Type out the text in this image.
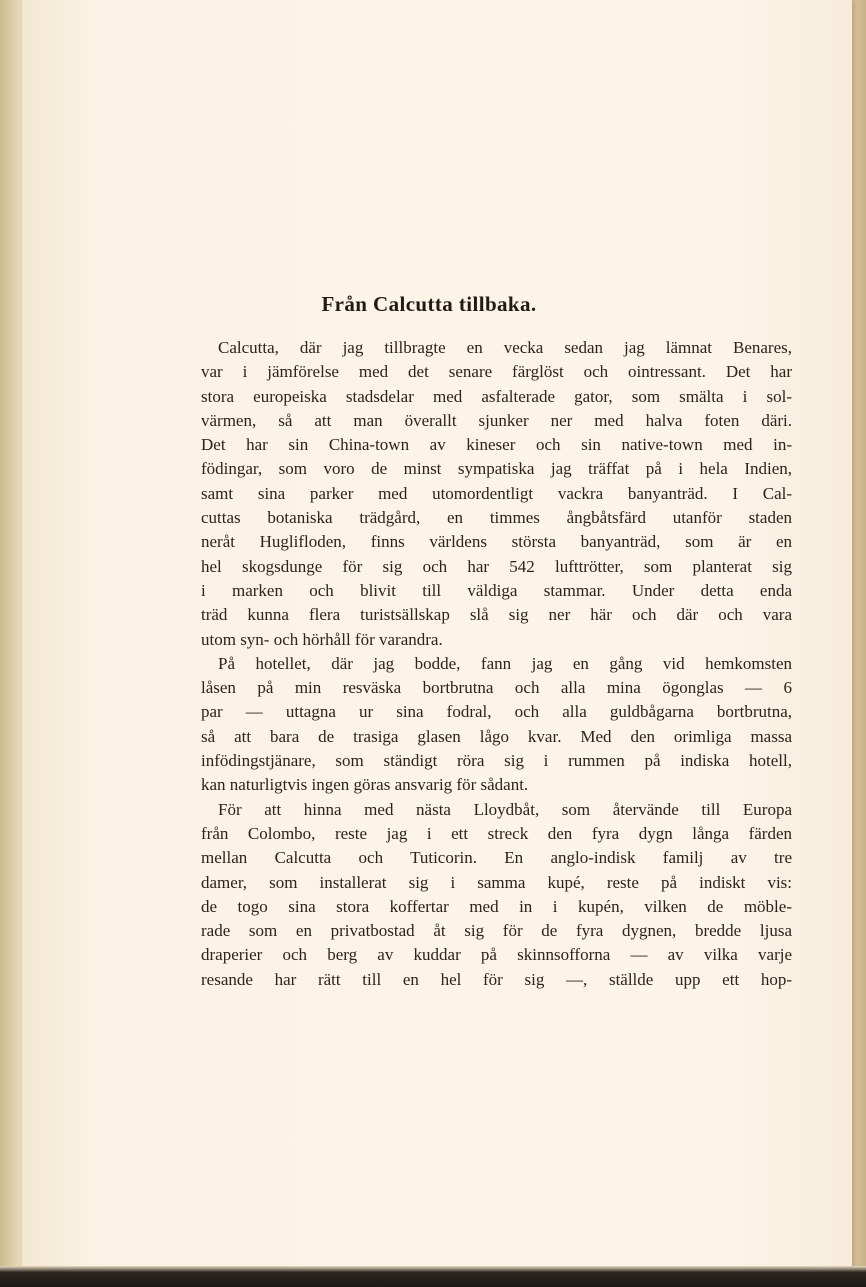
Från Calcutta tillbaka.
Calcutta, där jag tillbragte en vecka sedan jag lämnat Benares,
var i jämförelse med det senare färglöst och ointressant. Det har
stora europeiska stadsdelar med asfalterade gator, som smälta i sol-
värmen, så att man överallt sjunker ner med halva foten däri.
Det har sin China-town av kineser och sin native-town med in-
födingar, som voro de minst sympatiska jag träffat på i hela Indien,
samt sina parker med utomordentligt vackra banyanträd. I Cal-
cuttas botaniska trädgård, en timmes ångbåtsfärd utanför staden
neråt Huglifloden, finns världens största banyanträd, som är en
hel skogsdunge för sig och har 542 lufttrötter, som planterat sig
i marken och blivit till väldiga stammar. Under detta enda
träd kunna flera turistsällskap slå sig ner här och där och vara
utom syn- och hörhåll för varandra.
På hotellet, där jag bodde, fann jag en gång vid hemkomsten
låsen på min resväska bortbrutna och alla mina ögonglas — 6
par — uttagna ur sina fodral, och alla guldbågarna bortbrutna,
så att bara de trasiga glasen lågo kvar. Med den orimliga massa
infödingstjänare, som ständigt röra sig i rummen på indiska hotell,
kan naturligtvis ingen göras ansvarig för sådant.
För att hinna med nästa Lloydbåt, som återvände till Europa
från Colombo, reste jag i ett streck den fyra dygn långa färden
mellan Calcutta och Tuticorin. En anglo-indisk familj av tre
damer, som installerat sig i samma kupé, reste på indiskt vis:
de togo sina stora koffertar med in i kupén, vilken de möble-
rade som en privatbostad åt sig för de fyra dygnen, bredde ljusa
draperier och berg av kuddar på skinnsofforna — av vilka varje
resande har rätt till en hel för sig —, ställde upp ett hop-
